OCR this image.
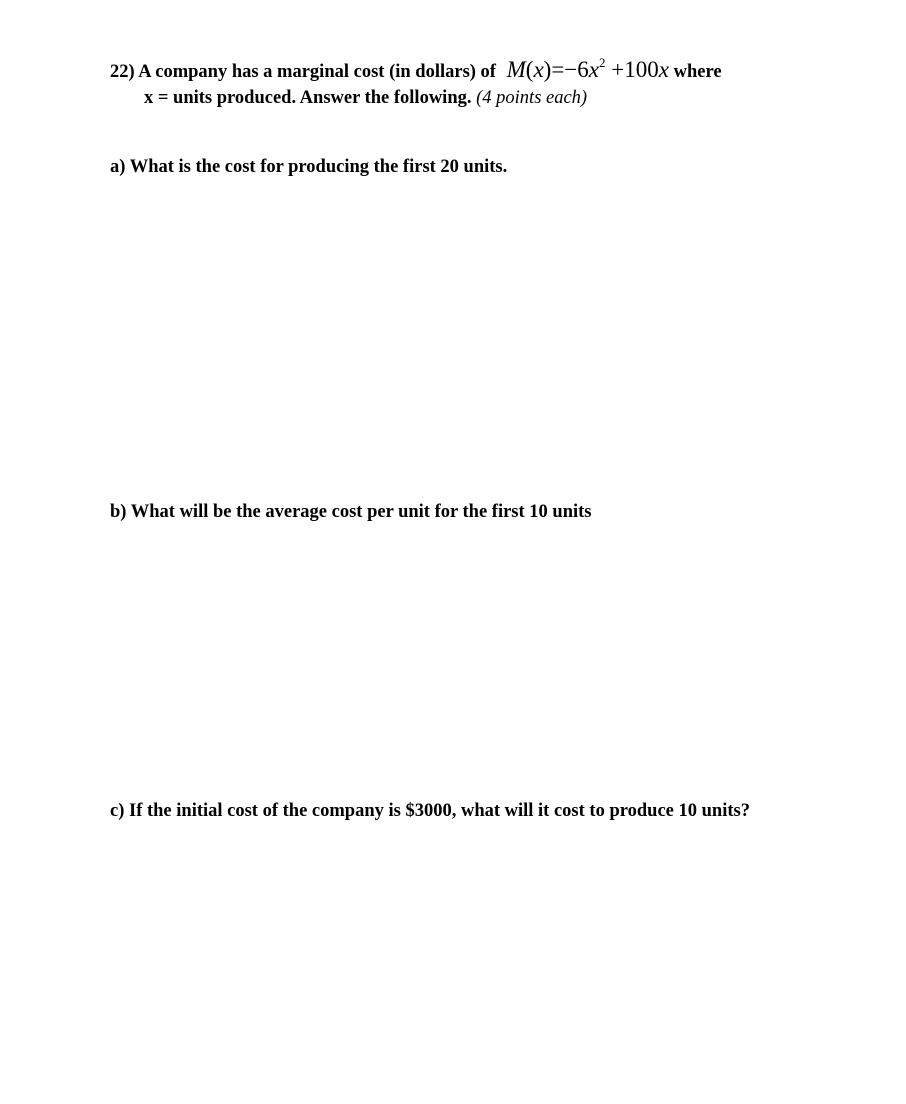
22) A company has a marginal cost (in dollars) of $M(x)=-6x^2 +100x$ where
x = units produced. Answer the following. (4 points each)
a) What is the cost for producing the first 20 units.
b) What will be the average cost per unit for the first 10 units
c) If the initial cost of the company is $3000, what will it cost to produce 10 units?
